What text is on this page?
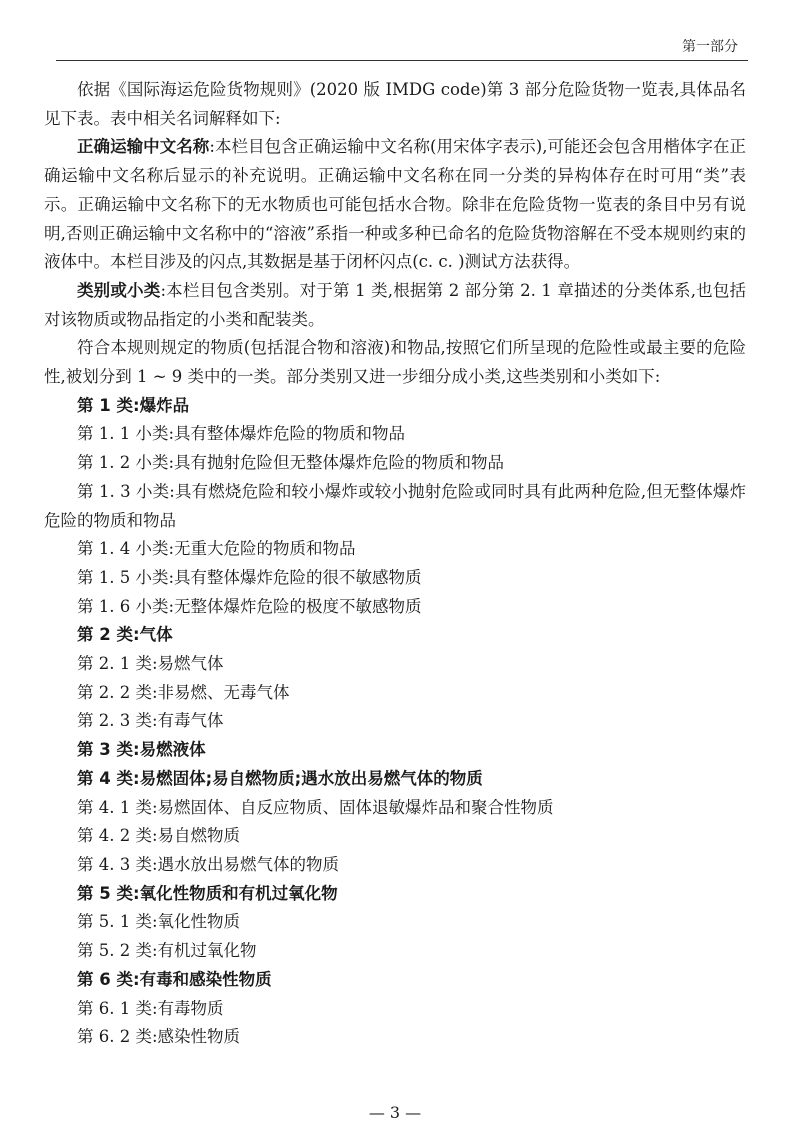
第一部分

依据《国际海运危险货物规则》(2020 版 IMDG code)第 3 部分危险货物一览表,具体品名见下表。表中相关名词解释如下:

正确运输中文名称:本栏目包含正确运输中文名称(用宋体字表示),可能还会包含用楷体字在正确运输中文名称后显示的补充说明。正确运输中文名称在同一分类的异构体存在时可用“类”表示。正确运输中文名称下的无水物质也可能包括水合物。除非在危险货物一览表的条目中另有说明,否则正确运输中文名称中的“溶液”系指一种或多种已命名的危险货物溶解在不受本规则约束的液体中。本栏目涉及的闪点,其数据是基于闭杯闪点(c. c. )测试方法获得。

类别或小类:本栏目包含类别。对于第 1 类,根据第 2 部分第 2. 1 章描述的分类体系,也包括对该物质或物品指定的小类和配装类。

符合本规则规定的物质(包括混合物和溶液)和物品,按照它们所呈现的危险性或最主要的危险性,被划分到 1 ~ 9 类中的一类。部分类别又进一步细分成小类,这些类别和小类如下:

第 1 类:爆炸品

第 1. 1 小类:具有整体爆炸危险的物质和物品

第 1. 2 小类:具有抛射危险但无整体爆炸危险的物质和物品

第 1. 3 小类:具有燃烧危险和较小爆炸或较小抛射危险或同时具有此两种危险,但无整体爆炸危险的物质和物品

第 1. 4 小类:无重大危险的物质和物品

第 1. 5 小类:具有整体爆炸危险的很不敏感物质

第 1. 6 小类:无整体爆炸危险的极度不敏感物质

第 2 类:气体

第 2. 1 类:易燃气体

第 2. 2 类:非易燃、无毒气体

第 2. 3 类:有毒气体

第 3 类:易燃液体

第 4 类:易燃固体;易自燃物质;遇水放出易燃气体的物质

第 4. 1 类:易燃固体、自反应物质、固体退敏爆炸品和聚合性物质

第 4. 2 类:易自燃物质

第 4. 3 类:遇水放出易燃气体的物质

第 5 类:氧化性物质和有机过氧化物

第 5. 1 类:氧化性物质

第 5. 2 类:有机过氧化物

第 6 类:有毒和感染性物质

第 6. 1 类:有毒物质

第 6. 2 类:感染性物质

— 3 —
